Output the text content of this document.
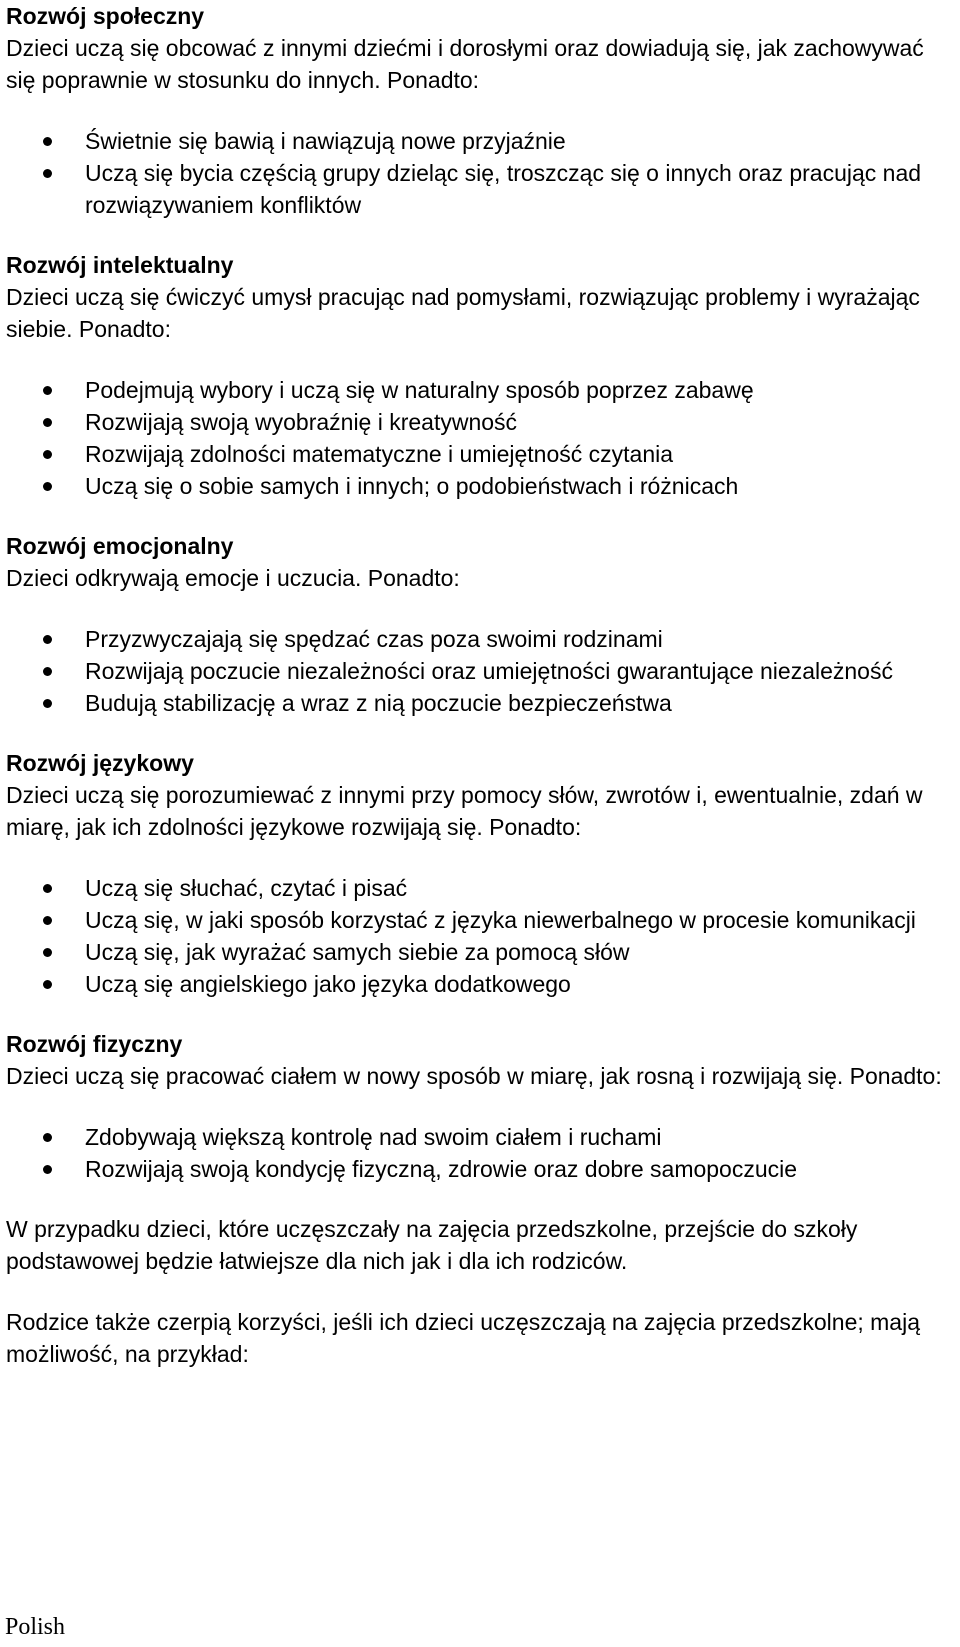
Rozwój społeczny

Dzieci uczą się obcować z innymi dziećmi i dorosłymi oraz dowiadują się, jak zachowywać się poprawnie w stosunku do innych. Ponadto:

Świetnie się bawią i nawiązują nowe przyjaźnie
Uczą się bycia częścią grupy dzieląc się, troszcząc się o innych oraz pracując nad rozwiązywaniem konfliktów

Rozwój intelektualny

Dzieci uczą się ćwiczyć umysł pracując nad pomysłami, rozwiązując problemy i wyrażając siebie. Ponadto:

Podejmują wybory i uczą się w naturalny sposób poprzez zabawę
Rozwijają swoją wyobraźnię i kreatywność
Rozwijają zdolności matematyczne i umiejętność czytania
Uczą się o sobie samych i innych; o podobieństwach i różnicach

Rozwój emocjonalny

Dzieci odkrywają emocje i uczucia. Ponadto:

Przyzwyczajają się spędzać czas poza swoimi rodzinami
Rozwijają poczucie niezależności oraz umiejętności gwarantujące niezależność
Budują stabilizację a wraz z nią poczucie bezpieczeństwa

Rozwój językowy

Dzieci uczą się porozumiewać z innymi przy pomocy słów, zwrotów i, ewentualnie, zdań w miarę, jak ich zdolności językowe rozwijają się. Ponadto:

Uczą się słuchać, czytać i pisać
Uczą się, w jaki sposób korzystać z języka niewerbalnego w procesie komunikacji
Uczą się, jak wyrażać samych siebie za pomocą słów
Uczą się angielskiego jako języka dodatkowego

Rozwój fizyczny

Dzieci uczą się pracować ciałem w nowy sposób w miarę, jak rosną i rozwijają się. Ponadto:

Zdobywają większą kontrolę nad swoim ciałem i ruchami
Rozwijają swoją kondycję fizyczną, zdrowie oraz dobre samopoczucie

W przypadku dzieci, które uczęszczały na zajęcia przedszkolne, przejście do szkoły podstawowej będzie łatwiejsze dla nich jak i dla ich rodziców.

Rodzice także czerpią korzyści, jeśli ich dzieci uczęszczają na zajęcia przedszkolne; mają możliwość, na przykład:

Polish
